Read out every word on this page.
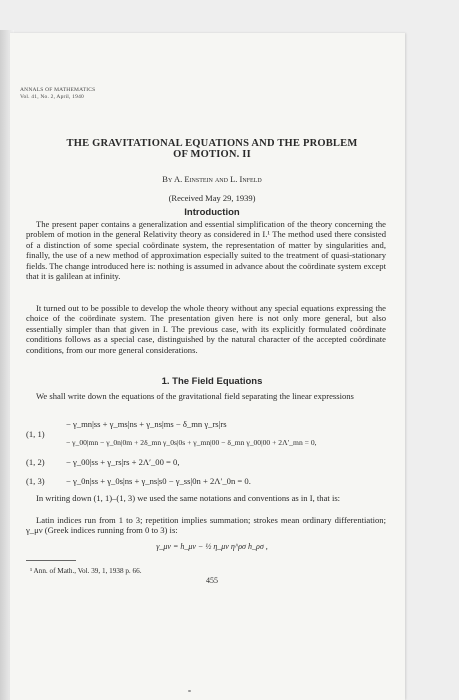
ANNALS OF MATHEMATICS
Vol. 41, No. 2, April, 1940
THE GRAVITATIONAL EQUATIONS AND THE PROBLEM
OF MOTION. II
By A. Einstein and L. Infeld
(Received May 29, 1939)
Introduction

The present paper contains a generalization and essential simplification of the theory concerning the problem of motion in the general Relativity theory as considered in I.¹ The method used there consisted of a distinction of some special coördinate system, the representation of matter by singularities and, finally, the use of a new method of approximation especially suited to the treatment of quasi-stationary fields. The change introduced here is: nothing is assumed in advance about the coördinate system except that it is galilean at infinity.

It turned out to be possible to develop the whole theory without any special equations expressing the choice of the coördinate system. The presentation given here is not only more general, but also essentially simpler than that given in I. The previous case, with its explicitly formulated coördinate conditions follows as a special case, distinguished by the natural character of the accepted coördinate conditions, from our more general considerations.

1. The Field Equations

We shall write down the equations of the gravitational field separating the linear expressions

(1, 1)
− γ_mn|ss + γ_ms|ns + γ_ns|ms − δ_mn γ_rs|rs
− γ_00|mn − γ_0n|0m + 2δ_mn γ_0s|0s + γ_mn|00 − δ_mn γ_00|00 + 2Λ′_mn = 0,
(1, 2) − γ_00|ss + γ_rs|rs + 2Λ′_00 = 0,
(1, 3) − γ_0n|ss + γ_0s|ns + γ_ns|s0 − γ_ss|0n + 2Λ′_0n = 0.

In writing down (1, 1)–(1, 3) we used the same notations and conventions as in I, that is:

Latin indices run from 1 to 3; repetition implies summation; strokes mean ordinary differentiation; γ_μν (Greek indices running from 0 to 3) is:

γ_μν = h_μν − ½ η_μν η^ρσ h_ρσ ,
¹ Ann. of Math., Vol. 39, 1, 1938 p. 66.
455
